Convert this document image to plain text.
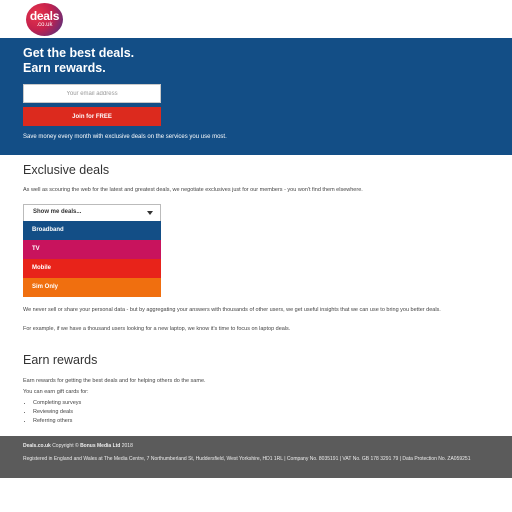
deals
.co.uk
Get the best deals.
Earn rewards.
Your email address
Join for FREE

Save money every month with exclusive deals on the services you use most.

Exclusive deals

As well as scouring the web for the latest and greatest deals, we negotiate exclusives just for our members - you won't find them elsewhere.

Show me deals...
Broadband
TV
Mobile
Sim Only

We never sell or share your personal data - but by aggregating your answers with thousands of other users, we get useful insights that we can use to bring you better deals.

For example, if we have a thousand users looking for a new laptop, we know it's time to focus on laptop deals.

Earn rewards

Earn rewards for getting the best deals and for helping others do the same.

You can earn gift cards for:

• Completing surveys
• Reviewing deals
• Referring others

Deals.co.uk Copyright © Bonus Media Ltd 2018

Registered in England and Wales at The Media Centre, 7 Northumberland St, Huddersfield, West Yorkshire, HD1 1RL | Company No. 8035191 | VAT No. GB 178 3291 79 | Data Protection No. ZA059251
